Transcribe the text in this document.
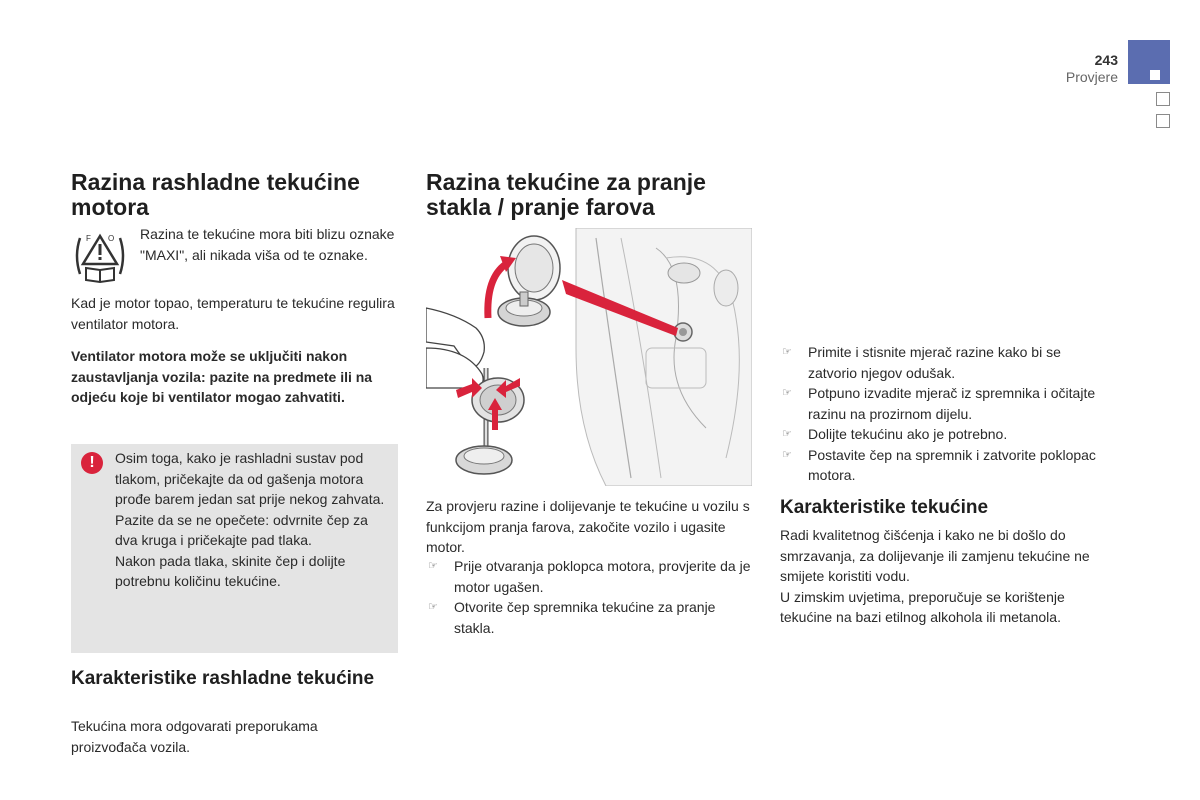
243
Provjere
Razina rashladne tekućine motora
F O Razina te tekućine mora biti blizu oznake "MAXI", ali nikada viša od te oznake.

Kad je motor topao, temperaturu te tekućine regulira ventilator motora.

Ventilator motora može se uključiti nakon zaustavljanja vozila: pazite na predmete ili na odjeću koje bi ventilator mogao zahvatiti.

!	Osim toga, kako je rashladni sustav pod tlakom, pričekajte da od gašenja motora prođe barem jedan sat prije nekog zahvata.

Pazite da se ne opečete: odvrnite čep za dva kruga i pričekajte pad tlaka.

Nakon pada tlaka, skinite čep i dolijte potrebnu količinu tekućine.

Karakteristike rashladne tekućine

Tekućina mora odgovarati preporukama proizvođača vozila.

Razina tekućine za pranje stakla / pranje farova

Za provjeru razine i dolijevanje te tekućine u vozilu s funkcijom pranja farova, zakočite vozilo i ugasite motor.

☞ Prije otvaranja poklopca motora, provjerite da je motor ugašen.
☞ Otvorite čep spremnika tekućine za pranje stakla.
☞ Primite i stisnite mjerač razine kako bi se zatvorio njegov odušak.
☞ Potpuno izvadite mjerač iz spremnika i očitajte razinu na prozirnom dijelu.
☞ Dolijte tekućinu ako je potrebno.
☞ Postavite čep na spremnik i zatvorite poklopac motora.
Karakteristike tekućine

Radi kvalitetnog čišćenja i kako ne bi došlo do smrzavanja, za dolijevanje ili zamjenu tekućine ne smijete koristiti vodu.
U zimskim uvjetima, preporučuje se korištenje tekućine na bazi etilnog alkohola ili metanola.
